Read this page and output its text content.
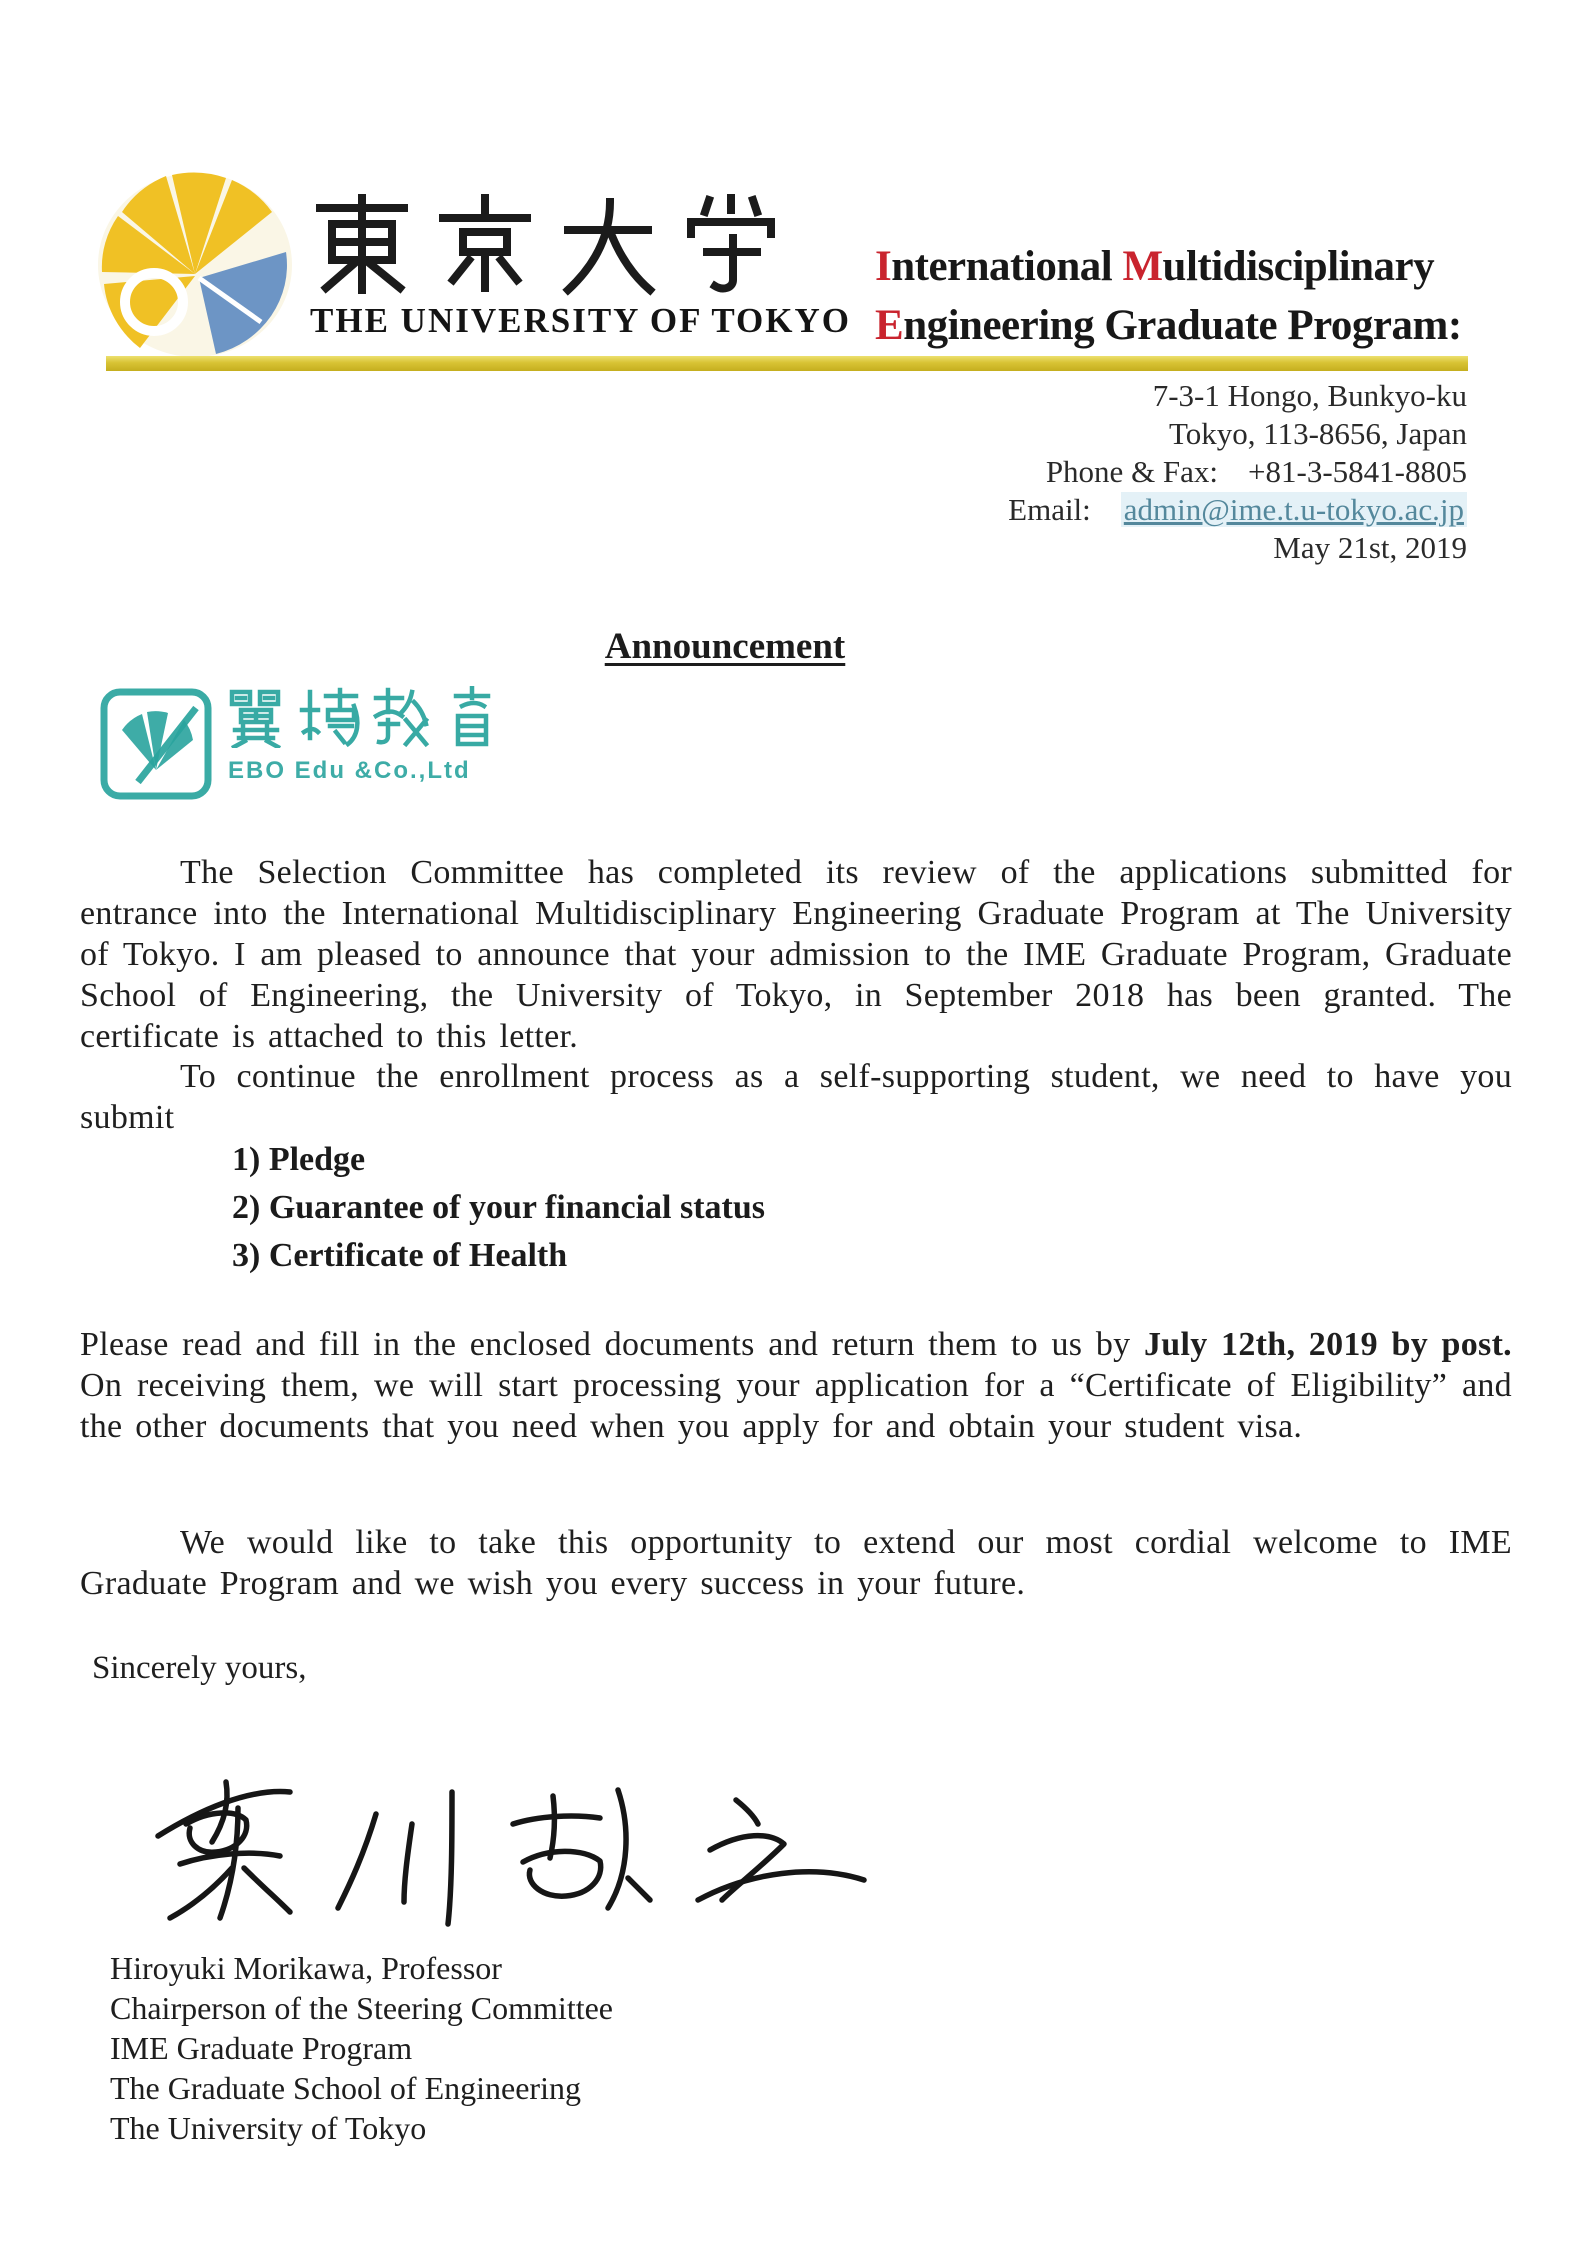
THE UNIVERSITY OF TOKYO
International Multidisciplinary
Engineering Graduate Program:
7-3-1 Hongo, Bunkyo-ku
Tokyo, 113-8656, Japan
Phone & Fax: +81-3-5841-8805
Email: admin@ime.t.u-tokyo.ac.jp
May 21st, 2019
Announcement
EBO Edu &Co.,Ltd

The Selection Committee has completed its review of the applications submitted for entrance into the International Multidisciplinary Engineering Graduate Program at The University of Tokyo. I am pleased to announce that your admission to the IME Graduate Program, Graduate School of Engineering, the University of Tokyo, in September 2018 has been granted. The certificate is attached to this letter.

To continue the enrollment process as a self-supporting student, we need to have you submit

1) Pledge
2) Guarantee of your financial status
3) Certificate of Health

Please read and fill in the enclosed documents and return them to us by July 12th, 2019 by post. On receiving them, we will start processing your application for a “Certificate of Eligibility” and the other documents that you need when you apply for and obtain your student visa.

We would like to take this opportunity to extend our most cordial welcome to IME Graduate Program and we wish you every success in your future.

Sincerely yours,
Hiroyuki Morikawa, Professor
Chairperson of the Steering Committee
IME Graduate Program
The Graduate School of Engineering
The University of Tokyo
